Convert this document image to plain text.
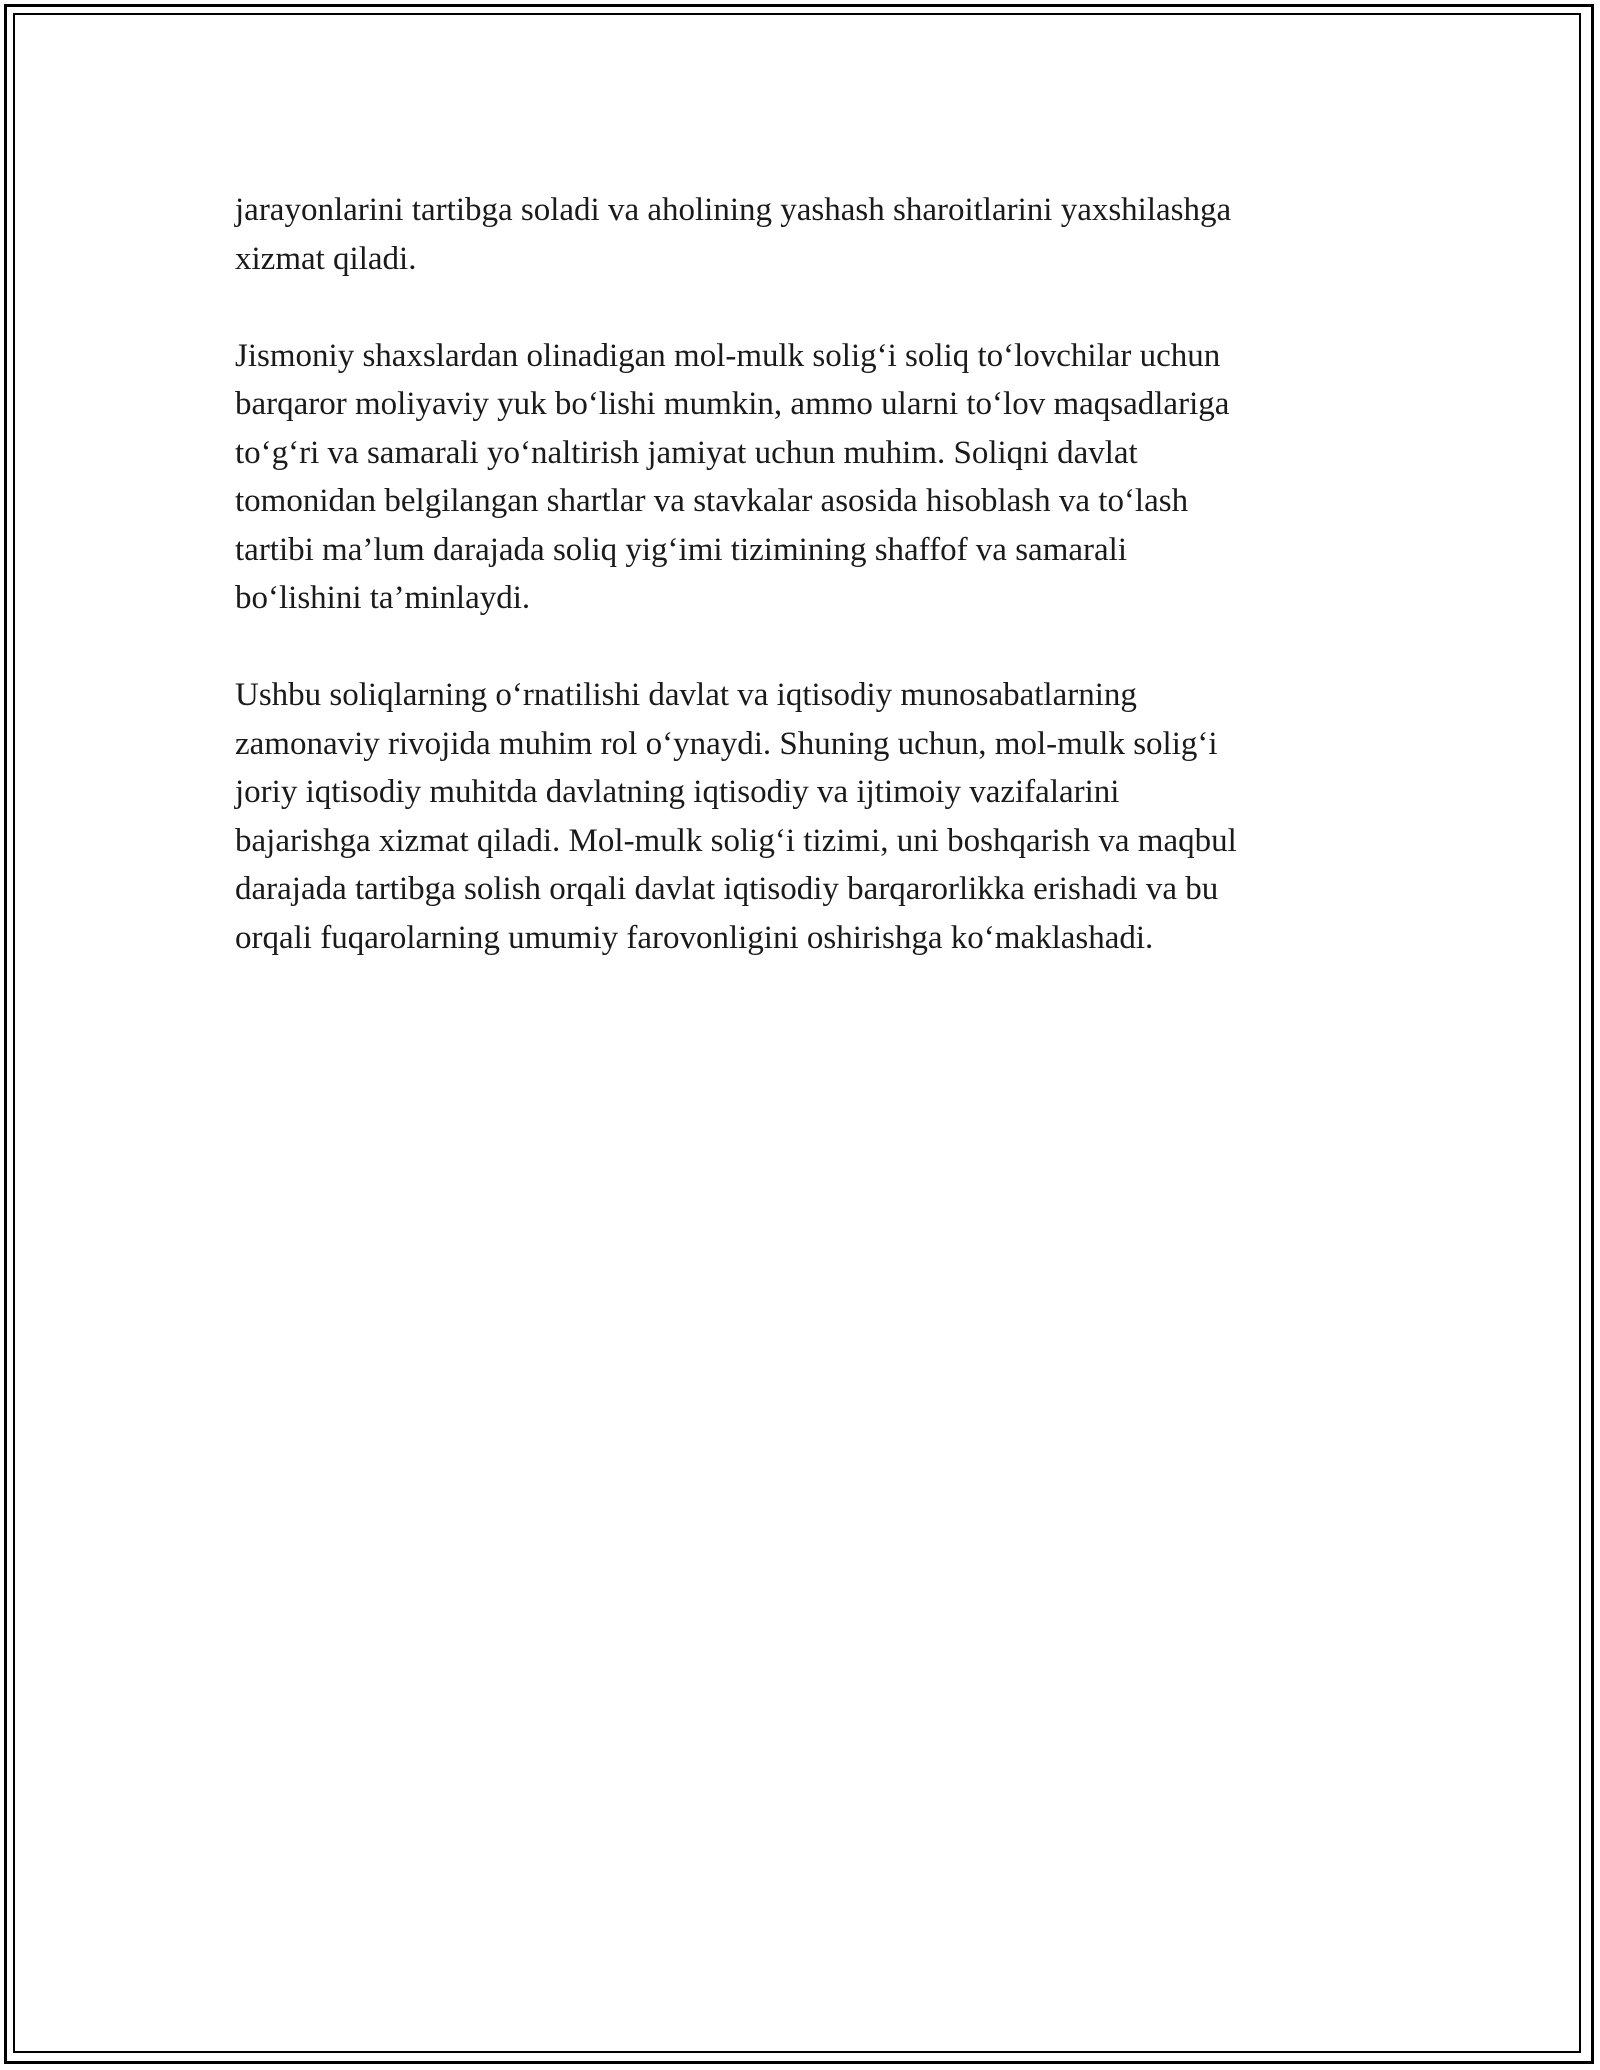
jarayonlarini tartibga soladi va aholining yashash sharoitlarini yaxshilashga
xizmat qiladi.

Jismoniy shaxslardan olinadigan mol-mulk solig‘i soliq to‘lovchilar uchun
barqaror moliyaviy yuk bo‘lishi mumkin, ammo ularni to‘lov maqsadlariga
to‘g‘ri va samarali yo‘naltirish jamiyat uchun muhim. Soliqni davlat
tomonidan belgilangan shartlar va stavkalar asosida hisoblash va to‘lash
tartibi ma’lum darajada soliq yig‘imi tizimining shaffof va samarali
bo‘lishini ta’minlaydi.

Ushbu soliqlarning o‘rnatilishi davlat va iqtisodiy munosabatlarning
zamonaviy rivojida muhim rol o‘ynaydi. Shuning uchun, mol-mulk solig‘i
joriy iqtisodiy muhitda davlatning iqtisodiy va ijtimoiy vazifalarini
bajarishga xizmat qiladi. Mol-mulk solig‘i tizimi, uni boshqarish va maqbul
darajada tartibga solish orqali davlat iqtisodiy barqarorlikka erishadi va bu
orqali fuqarolarning umumiy farovonligini oshirishga ko‘maklashadi.
